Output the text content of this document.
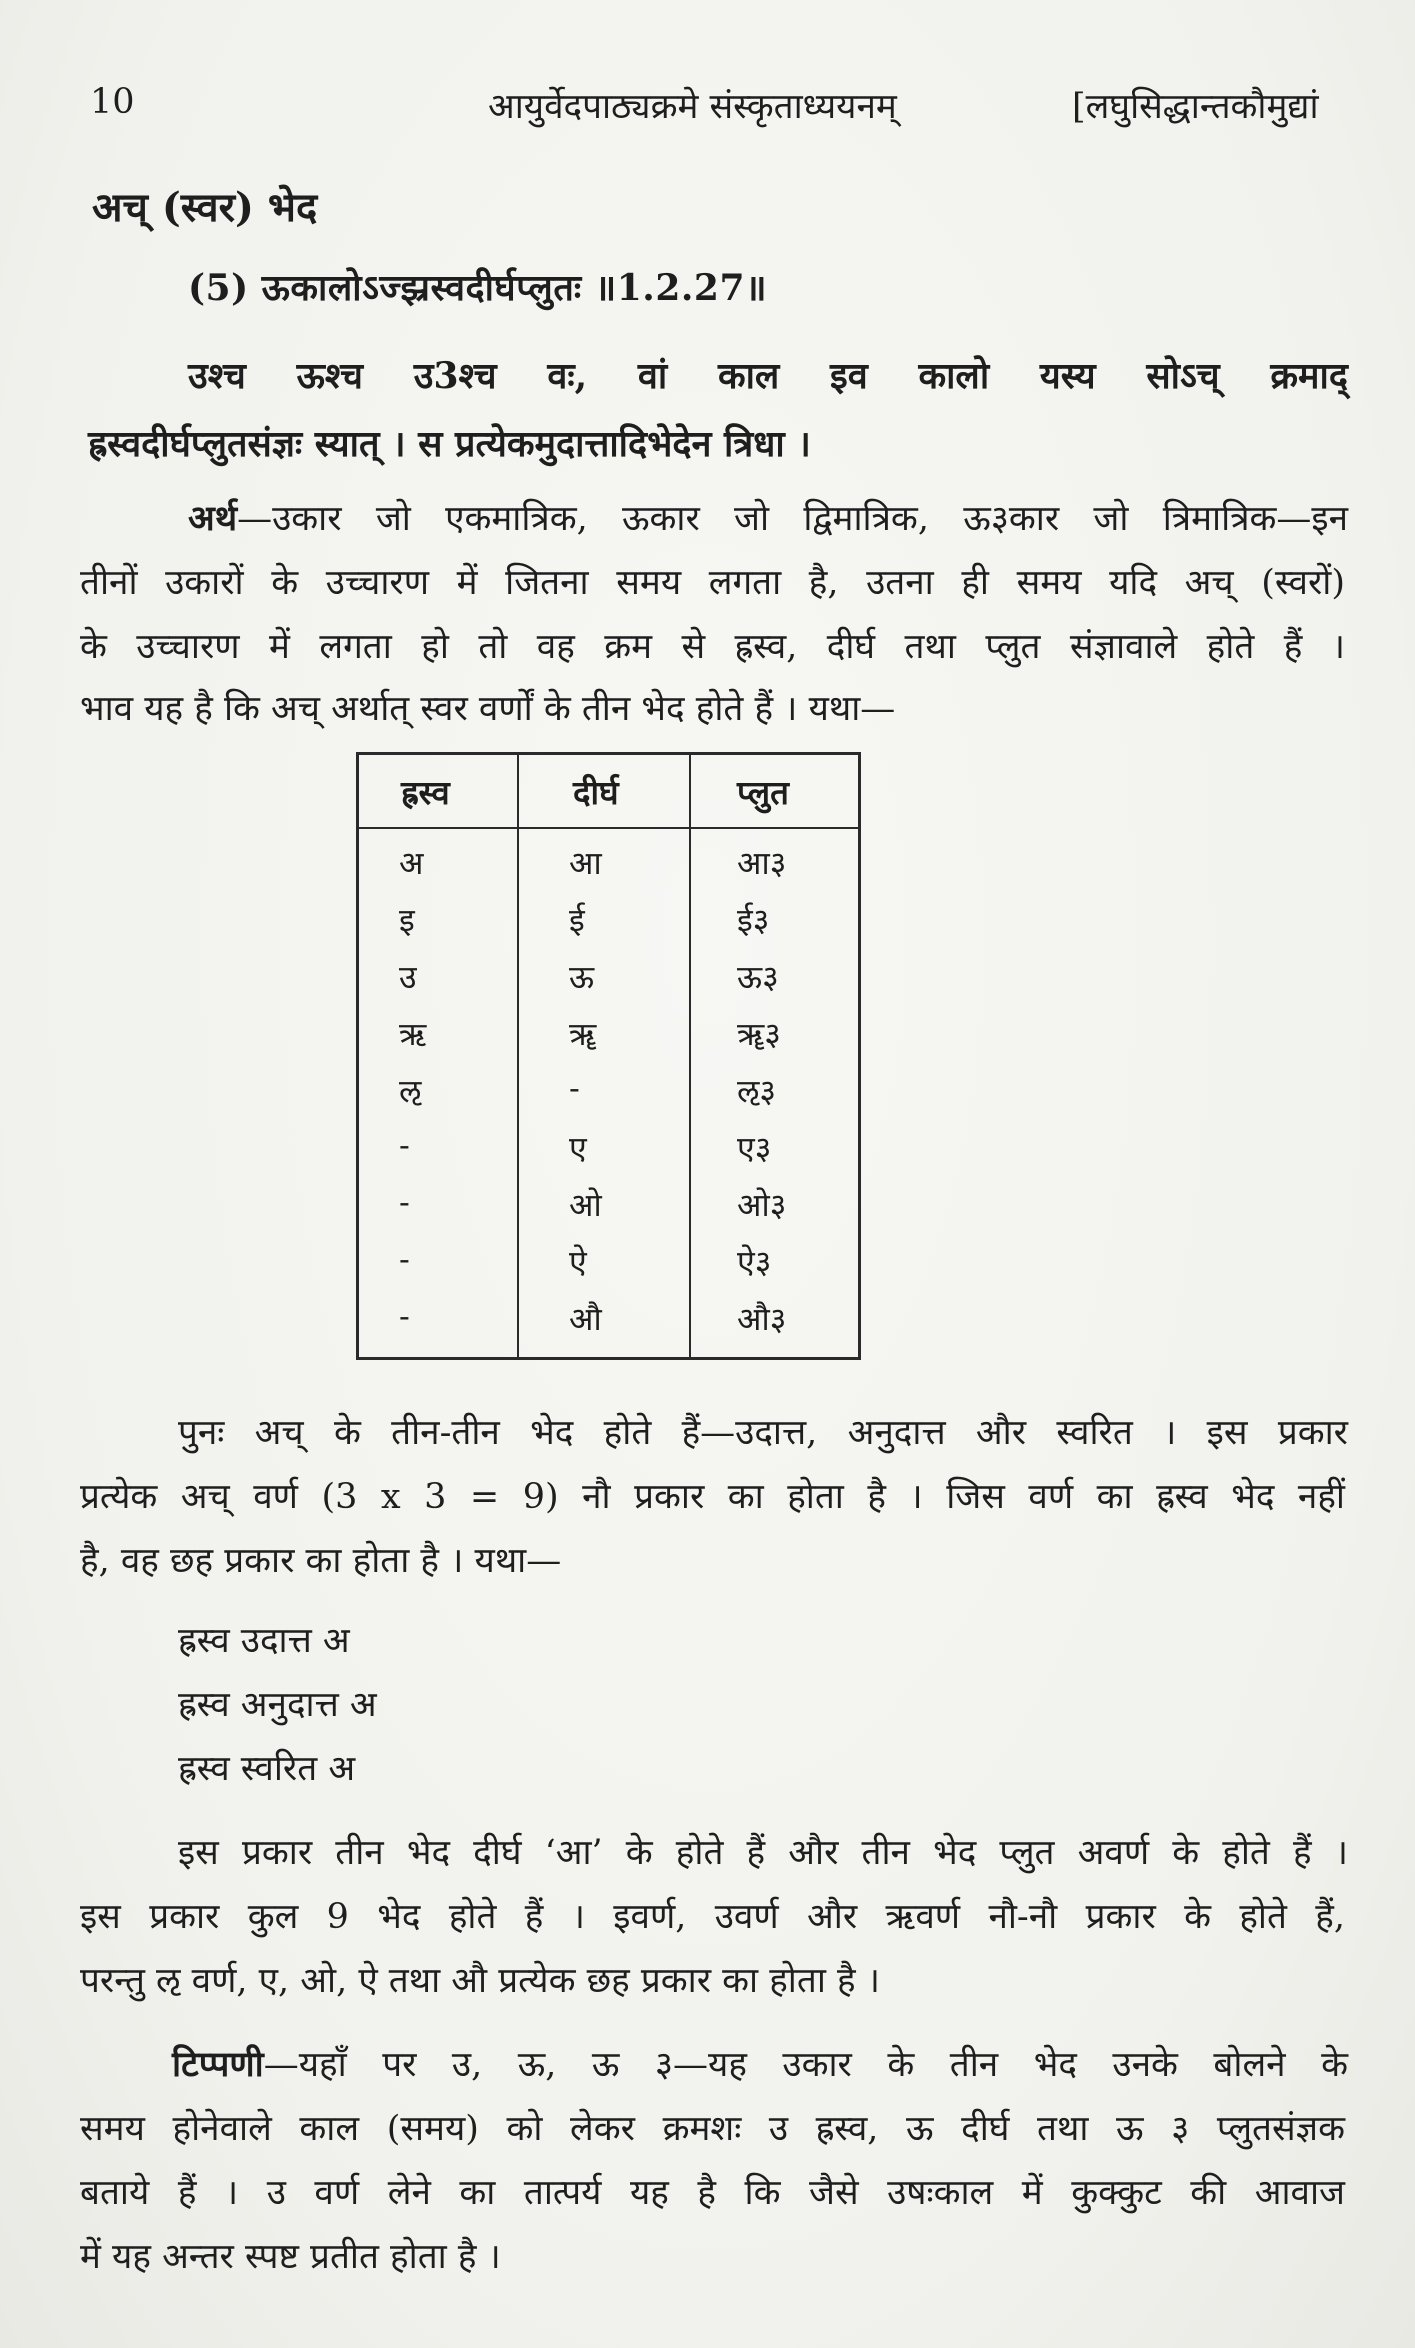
10	आयुर्वेदपाठ्यक्रमे संस्कृताध्ययनम्	[लघुसिद्धान्तकौमुद्यां
अच् (स्वर) भेद
(5) ऊकालोऽज्झ्रस्वदीर्घप्लुतः ॥1.2.27॥
उश्च ऊश्च उ3श्च वः, वां काल इव कालो यस्य सोऽच् क्रमाद्
ह्रस्वदीर्घप्लुतसंज्ञः स्यात् । स प्रत्येकमुदात्तादिभेदेन त्रिधा ।
अर्थ—उकार जो एकमात्रिक, ऊकार जो द्विमात्रिक, ऊ३कार जो त्रिमात्रिक—इन
तीनों उकारों के उच्चारण में जितना समय लगता है, उतना ही समय यदि अच् (स्वरों)
के उच्चारण में लगता हो तो वह क्रम से ह्रस्व, दीर्घ तथा प्लुत संज्ञावाले होते हैं ।
भाव यह है कि अच् अर्थात् स्वर वर्णों के तीन भेद होते हैं । यथा—
ह्रस्व	दीर्घ	प्लुत
अ	आ	आ३
इ	ई	ई३
उ	ऊ	ऊ३
ऋ	ॠ	ॠ३
ऌ	-	ऌ३
-	ए	ए३
-	ओ	ओ३
-	ऐ	ऐ३
-	औ	औ३
पुनः अच् के तीन-तीन भेद होते हैं—उदात्त, अनुदात्त और स्वरित । इस प्रकार
प्रत्येक अच् वर्ण (3 x 3 = 9) नौ प्रकार का होता है । जिस वर्ण का ह्रस्व भेद नहीं
है, वह छह प्रकार का होता है । यथा—
ह्रस्व उदात्त अ
ह्रस्व अनुदात्त अ
ह्रस्व स्वरित अ
इस प्रकार तीन भेद दीर्घ ‘आ’ के होते हैं और तीन भेद प्लुत अवर्ण के होते हैं ।
इस प्रकार कुल 9 भेद होते हैं । इवर्ण, उवर्ण और ऋवर्ण नौ-नौ प्रकार के होते हैं,
परन्तु ऌ वर्ण, ए, ओ, ऐ तथा औ प्रत्येक छह प्रकार का होता है ।
टिप्पणी—यहाँ पर उ, ऊ, ऊ ३—यह उकार के तीन भेद उनके बोलने के
समय होनेवाले काल (समय) को लेकर क्रमशः उ ह्रस्व, ऊ दीर्घ तथा ऊ ३ प्लुतसंज्ञक
बताये हैं । उ वर्ण लेने का तात्पर्य यह है कि जैसे उषःकाल में कुक्कुट की आवाज
में यह अन्तर स्पष्ट प्रतीत होता है ।
